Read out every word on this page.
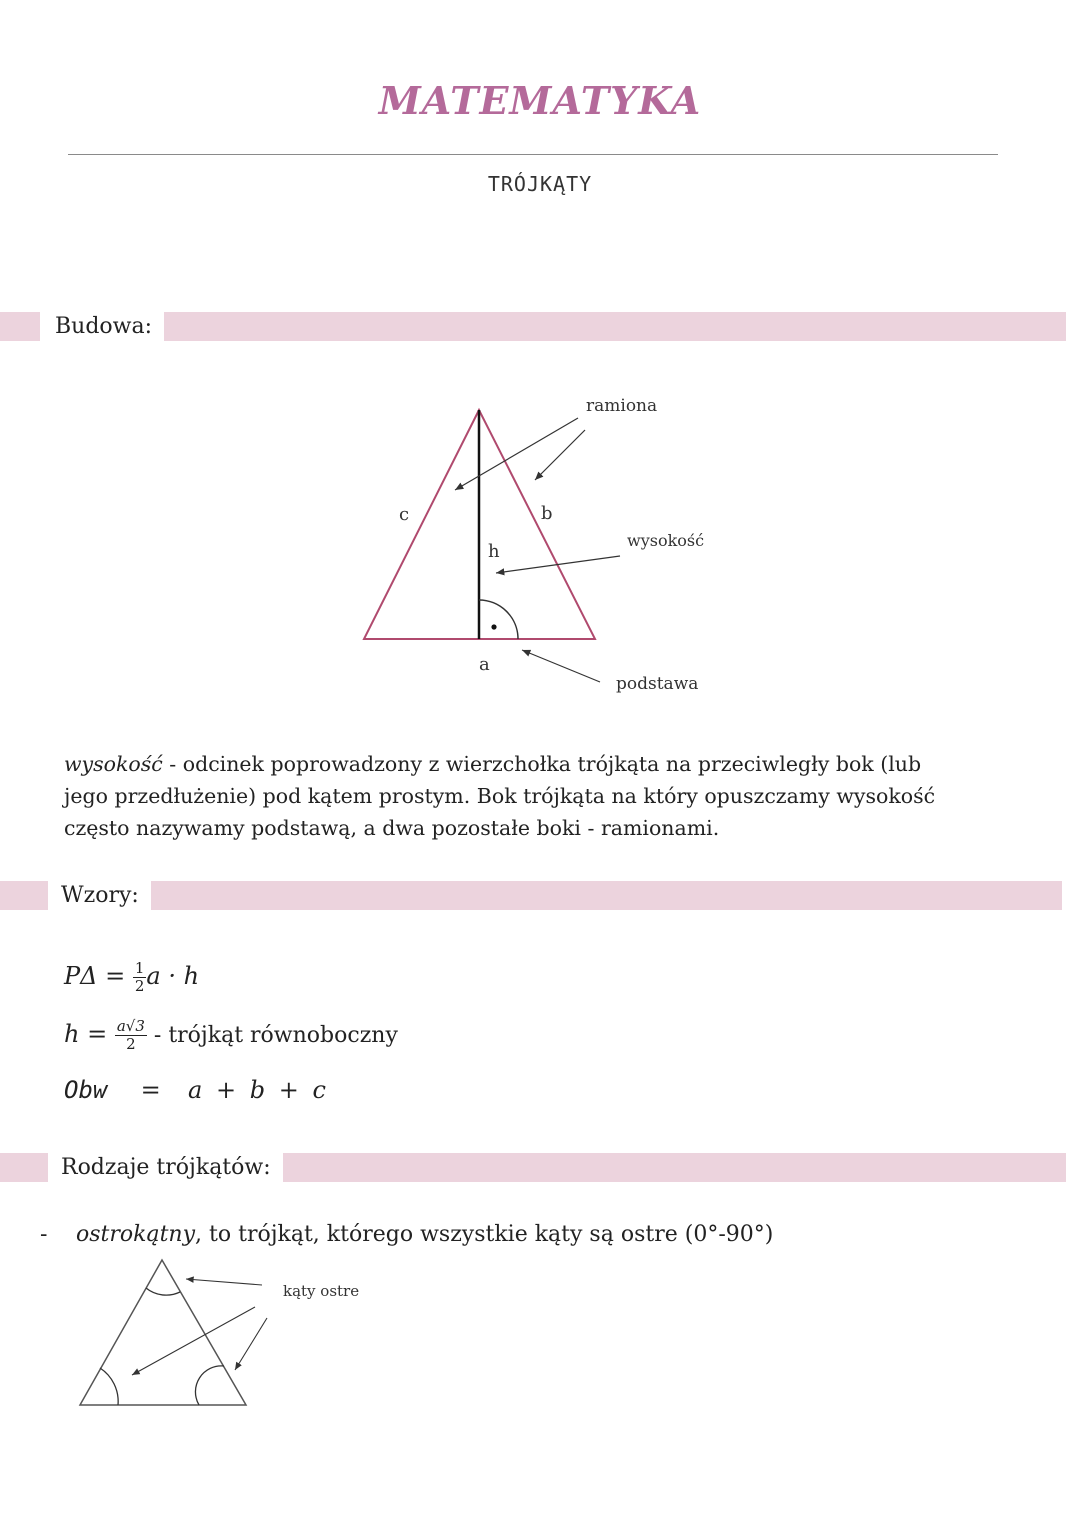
MATEMATYKA
TRÓJKĄTY
Budowa:
ramiona
wysokość
podstawa
c	b
h
a
wysokość - odcinek poprowadzony z wierzchołka trójkąta na przeciwległy bok (lub jego przedłużenie) pod kątem prostym. Bok trójkąta na który opuszczamy wysokość często nazywamy podstawą, a dwa pozostałe boki - ramionami.
Wzory:
$P\Delta = \frac{1}{2}$ a · h
$h = \frac{a√3}{2}$ - trójkąt równoboczny
Obw = a + b + c
Rodzaje trójkątów:
- ostrokątny, to trójkąt, którego wszystkie kąty są ostre (0°-90°)
kąty ostre
